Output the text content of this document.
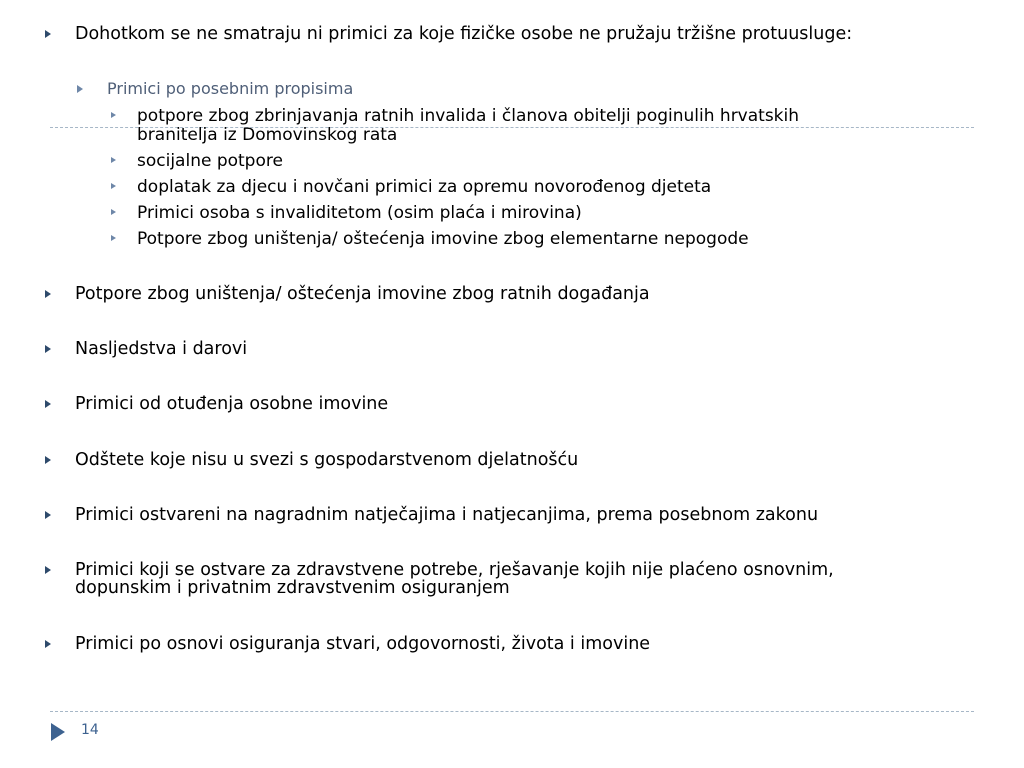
Dohotkom se ne smatraju ni primici za koje fizičke osobe ne pružaju tržišne protuusluge:
Primici po posebnim propisima
potpore zbog zbrinjavanja ratnih invalida i članova obitelji poginulih hrvatskih
branitelja iz Domovinskog rata
socijalne potpore
doplatak za djecu i novčani primici za opremu novorođenog djeteta
Primici osoba s invaliditetom (osim plaća i mirovina)
Potpore zbog uništenja/ oštećenja imovine zbog elementarne nepogode
Potpore zbog uništenja/ oštećenja imovine zbog ratnih događanja
Nasljedstva i darovi
Primici od otuđenja osobne imovine
Odštete koje nisu u svezi s gospodarstvenom djelatnošću
Primici ostvareni na nagradnim natječajima i natjecanjima, prema posebnom zakonu
Primici koji se ostvare za zdravstvene potrebe, rješavanje kojih nije plaćeno osnovnim,
dopunskim i privatnim zdravstvenim osiguranjem
Primici po osnovi osiguranja stvari, odgovornosti, života i imovine
14
